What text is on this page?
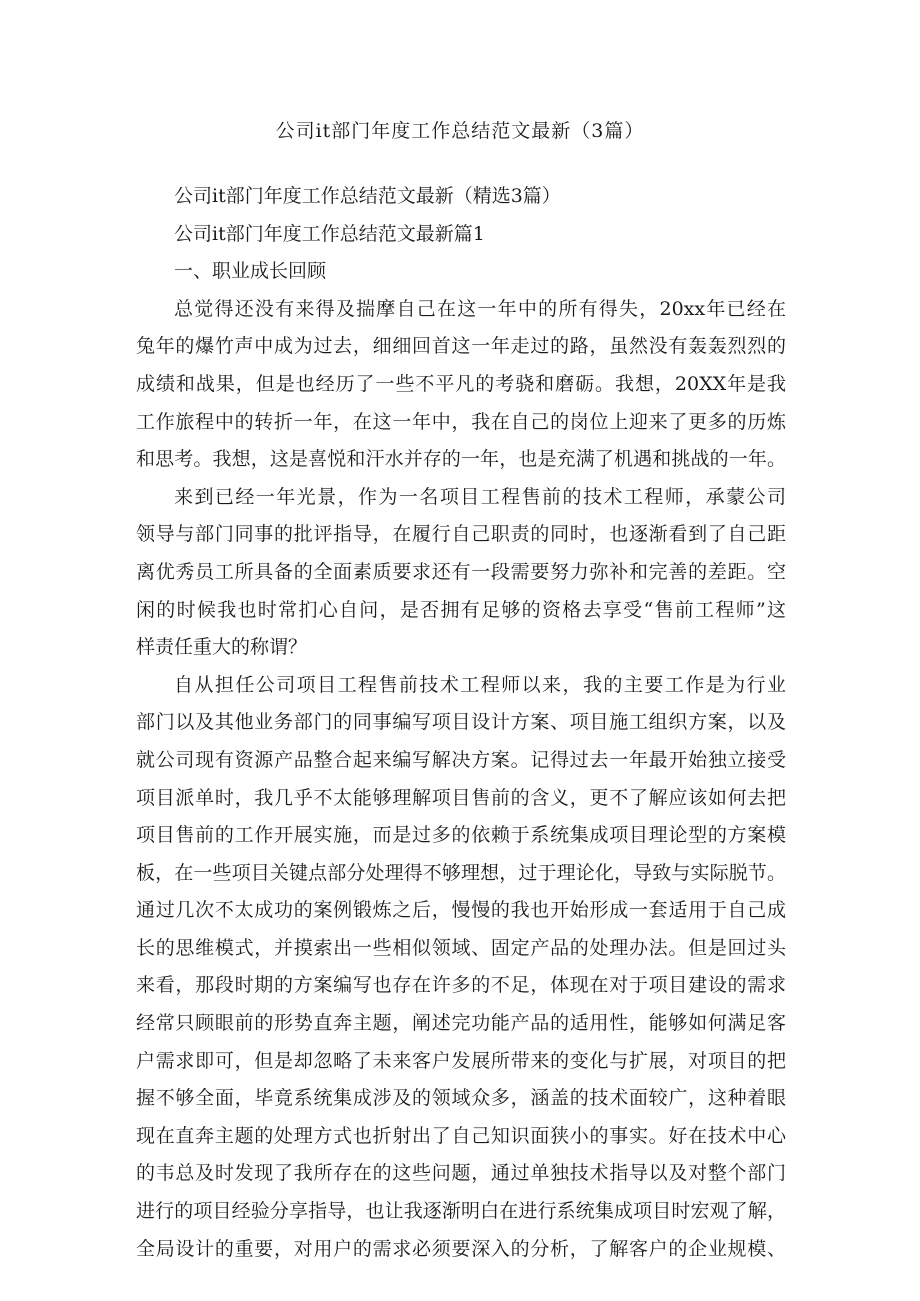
公司it部门年度工作总结范文最新（3篇）
公司it部门年度工作总结范文最新（精选3篇）
公司it部门年度工作总结范文最新篇1
一、职业成长回顾
总觉得还没有来得及揣摩自己在这一年中的所有得失，20xx年已经在
兔年的爆竹声中成为过去，细细回首这一年走过的路，虽然没有轰轰烈烈的
成绩和战果，但是也经历了一些不平凡的考骁和磨砺。我想，20XX年是我
工作旅程中的转折一年，在这一年中，我在自己的岗位上迎来了更多的历炼
和思考。我想，这是喜悦和汗水并存的一年，也是充满了机遇和挑战的一年。
来到已经一年光景，作为一名项目工程售前的技术工程师，承蒙公司
领导与部门同事的批评指导，在履行自己职责的同时，也逐渐看到了自己距
离优秀员工所具备的全面素质要求还有一段需要努力弥补和完善的差距。空
闲的时候我也时常扪心自问，是否拥有足够的资格去享受“售前工程师”这
样责任重大的称谓？
自从担任公司项目工程售前技术工程师以来，我的主要工作是为行业
部门以及其他业务部门的同事编写项目设计方案、项目施工组织方案，以及
就公司现有资源产品整合起来编写解决方案。记得过去一年最开始独立接受
项目派单时，我几乎不太能够理解项目售前的含义，更不了解应该如何去把
项目售前的工作开展实施，而是过多的依赖于系统集成项目理论型的方案模
板，在一些项目关键点部分处理得不够理想，过于理论化，导致与实际脱节。
通过几次不太成功的案例锻炼之后，慢慢的我也开始形成一套适用于自己成
长的思维模式，并摸索出一些相似领域、固定产品的处理办法。但是回过头
来看，那段时期的方案编写也存在许多的不足，体现在对于项目建设的需求
经常只顾眼前的形势直奔主题，阐述完功能产品的适用性，能够如何满足客
户需求即可，但是却忽略了未来客户发展所带来的变化与扩展，对项目的把
握不够全面，毕竟系统集成涉及的领域众多，涵盖的技术面较广，这种着眼
现在直奔主题的处理方式也折射出了自己知识面狭小的事实。好在技术中心
的韦总及时发现了我所存在的这些问题，通过单独技术指导以及对整个部门
进行的项目经验分享指导，也让我逐渐明白在进行系统集成项目时宏观了解，
全局设计的重要，对用户的需求必须要深入的分析，了解客户的企业规模、
